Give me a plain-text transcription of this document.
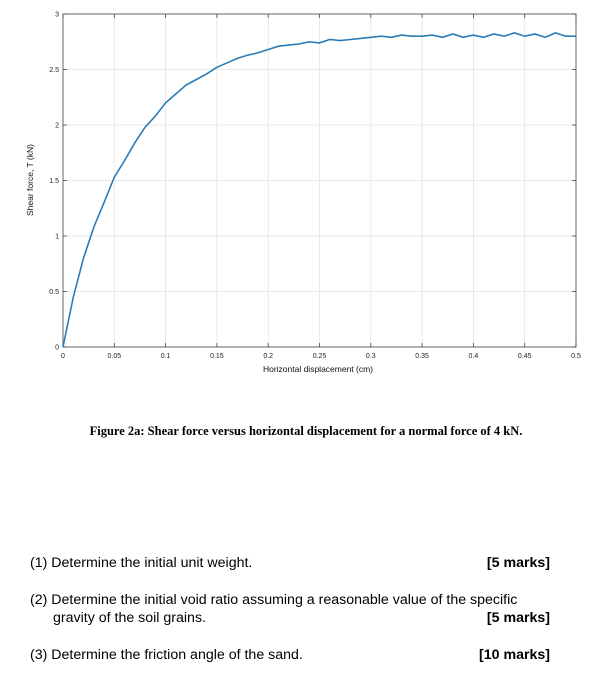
0	0.05	0.1	0.15	0.2	0.25	0.3	0.35	0.4	0.45	0.5
0
0.5
1
1.5
2
2.5
3
Horizontal displacement (cm)
Shear force, T (kN)
Figure 2a: Shear force versus horizontal displacement for a normal force of 4 kN.
(1) Determine the initial unit weight.	[5 marks]
(2) Determine the initial void ratio assuming a reasonable value of the specific
gravity of the soil grains.	[5 marks]
(3) Determine the friction angle of the sand.	[10 marks]
